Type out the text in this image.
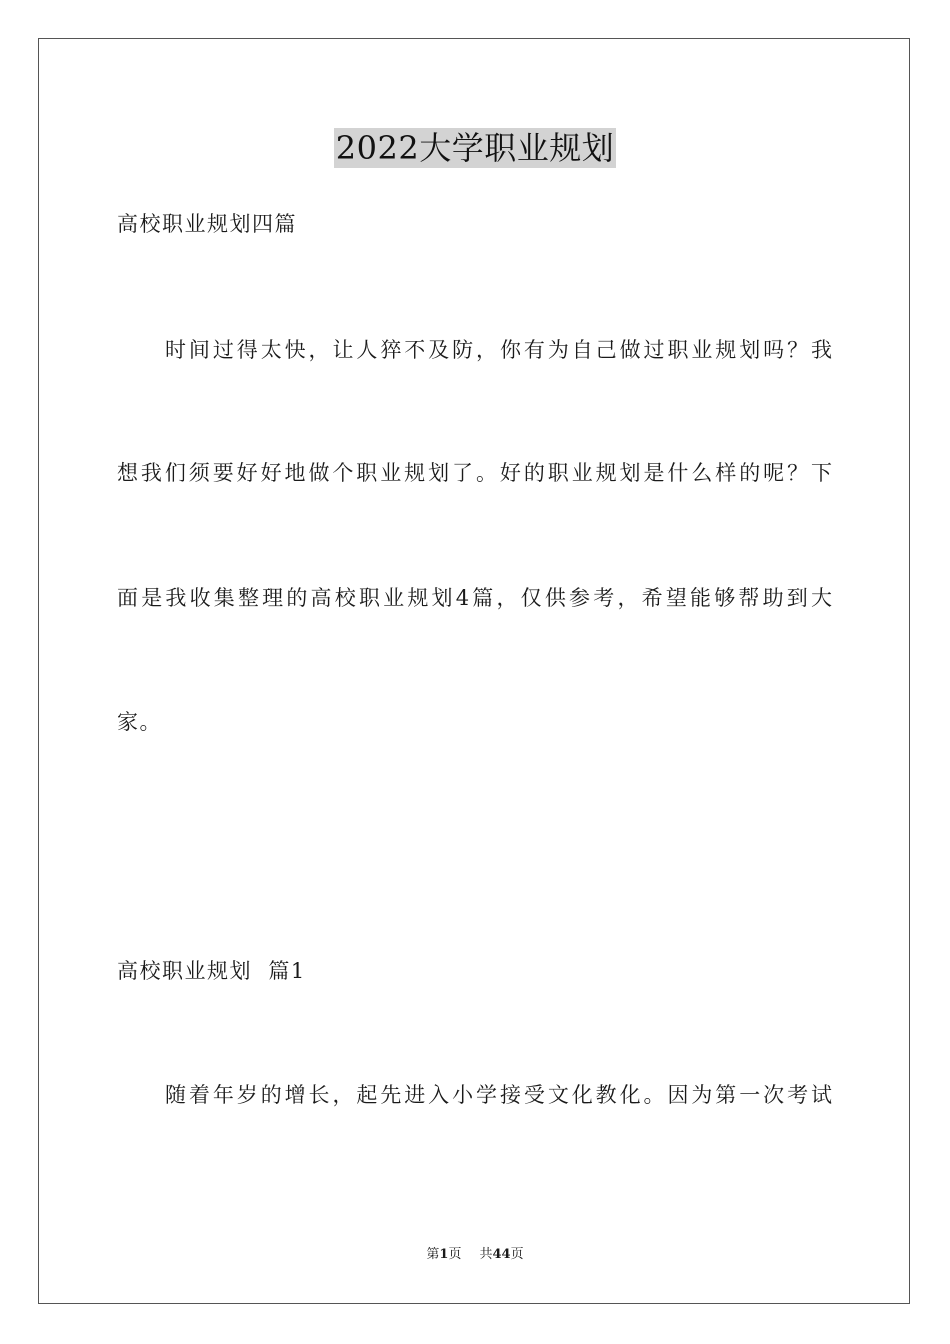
2022大学职业规划
高校职业规划四篇
时间过得太快，让人猝不及防，你有为自己做过职业规划吗？我
想我们须要好好地做个职业规划了。好的职业规划是什么样的呢？下
面是我收集整理的高校职业规划4篇，仅供参考，希望能够帮助到大
家。
高校职业规划  篇1
随着年岁的增长，起先进入小学接受文化教化。因为第一次考试
第1页 共44页
